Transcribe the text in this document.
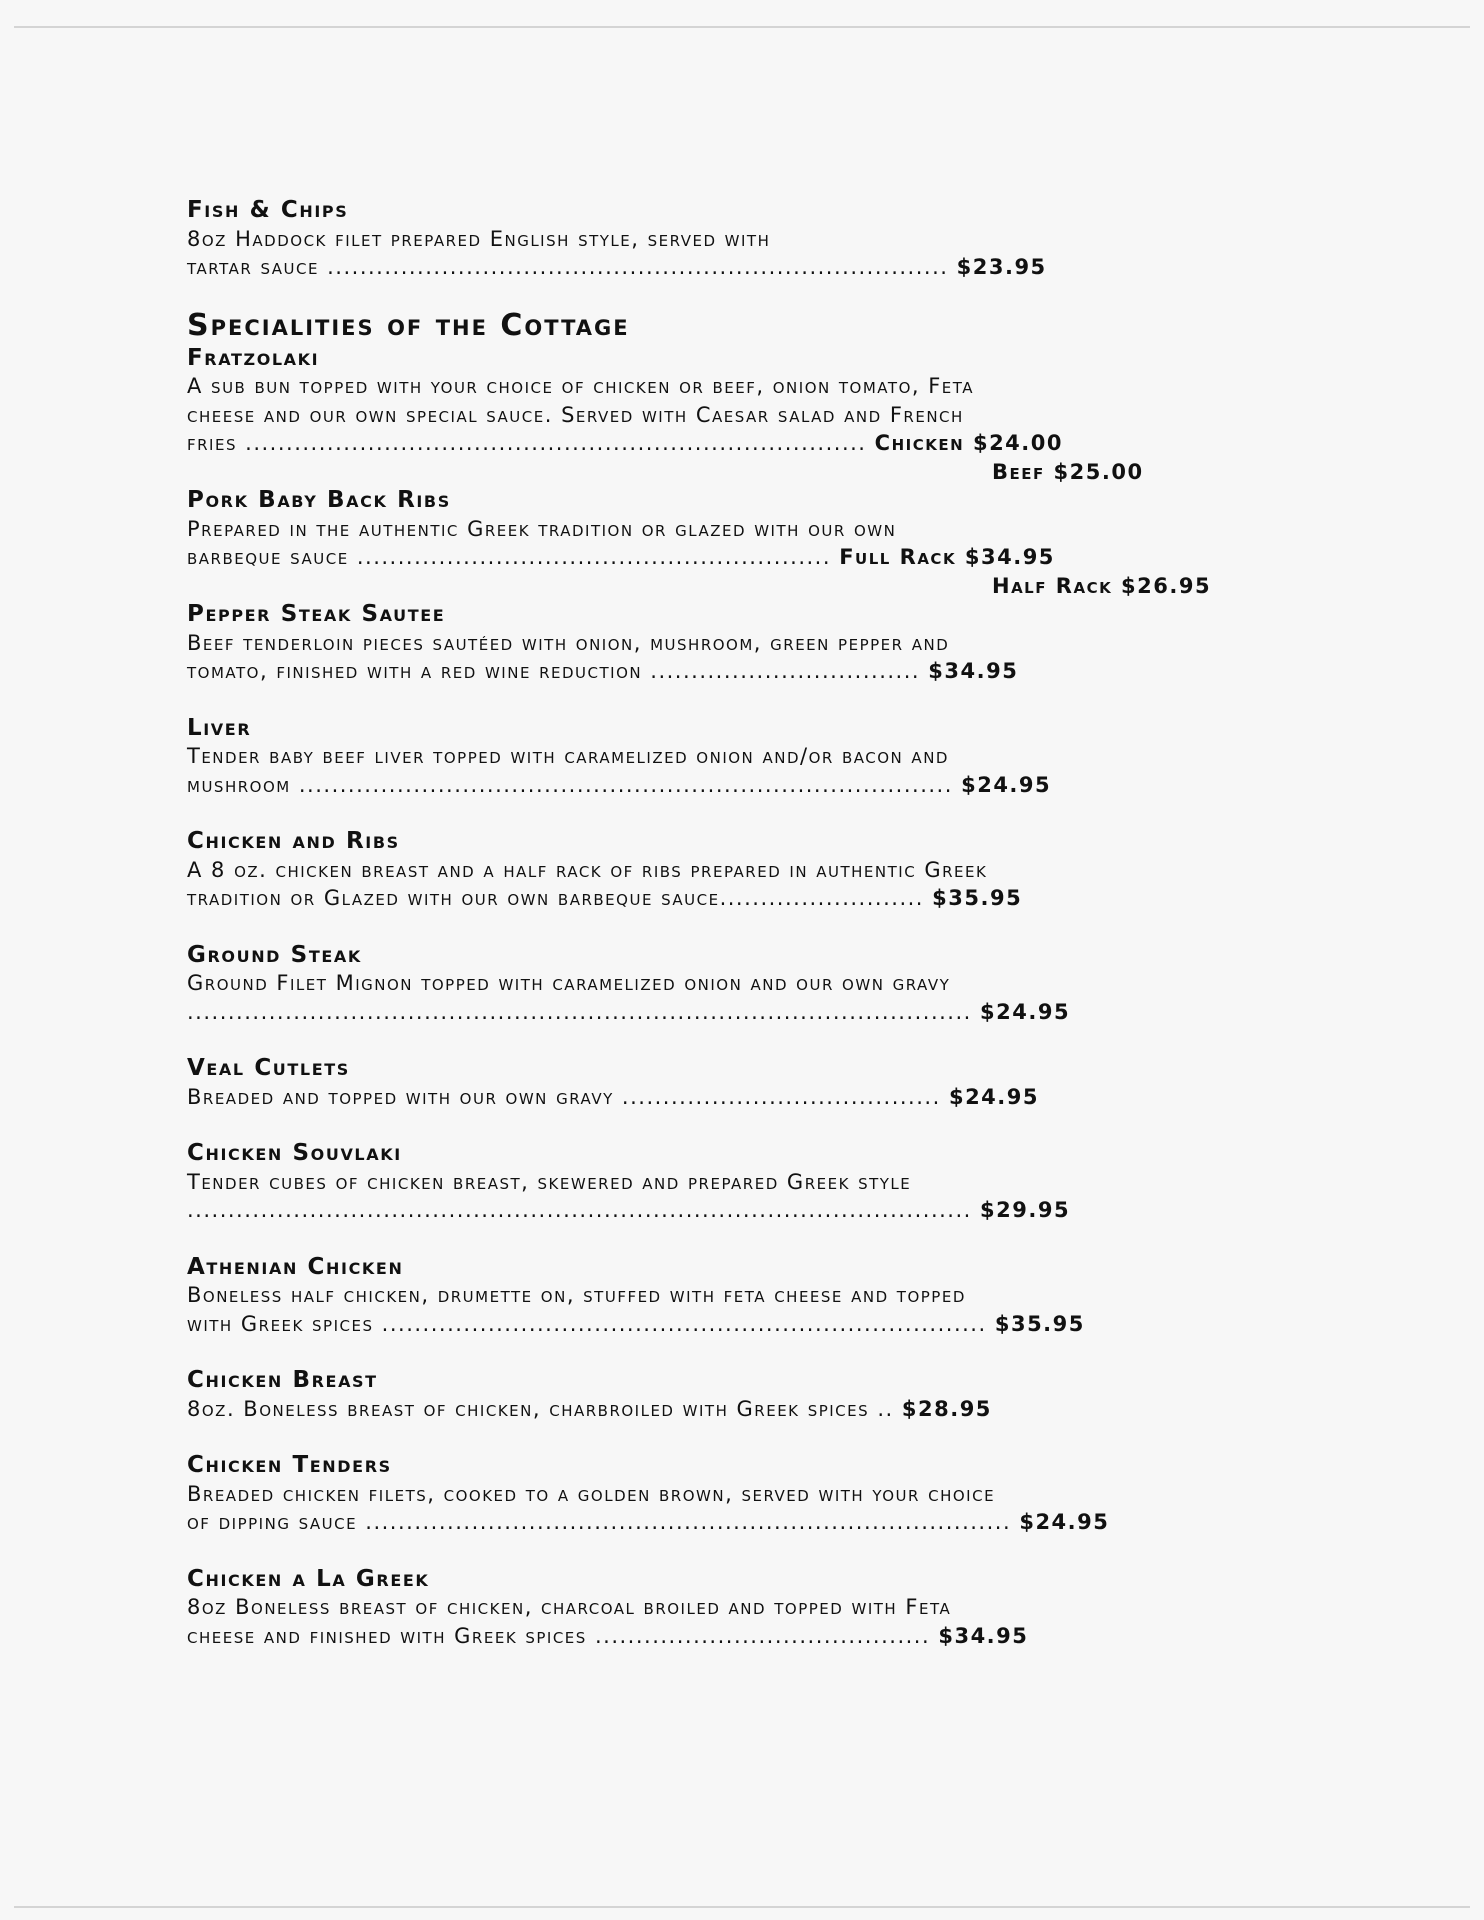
Fish & Chips
8oz Haddock filet prepared English style, served with
tartar sauce ............................................................................ $23.95
Specialities of the Cottage
Fratzolaki
A sub bun topped with your choice of chicken or beef, onion tomato, Feta
cheese and our own special sauce. Served with Caesar salad and French
fries ............................................................................ Chicken $24.00
Beef $25.00
Pork Baby Back Ribs
Prepared in the authentic Greek tradition or glazed with our own
barbeque sauce .......................................................... Full Rack $34.95
Half Rack $26.95
Pepper Steak Sautee
Beef tenderloin pieces sautéed with onion, mushroom, green pepper and
tomato, finished with a red wine reduction ................................. $34.95
Liver
Tender baby beef liver topped with caramelized onion and/or bacon and
mushroom ................................................................................ $24.95
Chicken and Ribs
A 8 oz. chicken breast and a half rack of ribs prepared in authentic Greek
tradition or Glazed with our own barbeque sauce......................... $35.95
Ground Steak
Ground Filet Mignon topped with caramelized onion and our own gravy
................................................................................................ $24.95
Veal Cutlets
Breaded and topped with our own gravy ....................................... $24.95
Chicken Souvlaki
Tender cubes of chicken breast, skewered and prepared Greek style
................................................................................................ $29.95
Athenian Chicken
Boneless half chicken, drumette on, stuffed with feta cheese and topped
with Greek spices .......................................................................... $35.95
Chicken Breast
8oz. Boneless breast of chicken, charbroiled with Greek spices .. $28.95
Chicken Tenders
Breaded chicken filets, cooked to a golden brown, served with your choice
of dipping sauce ............................................................................... $24.95
Chicken a La Greek
8oz Boneless breast of chicken, charcoal broiled and topped with Feta
cheese and finished with Greek spices ......................................... $34.95
